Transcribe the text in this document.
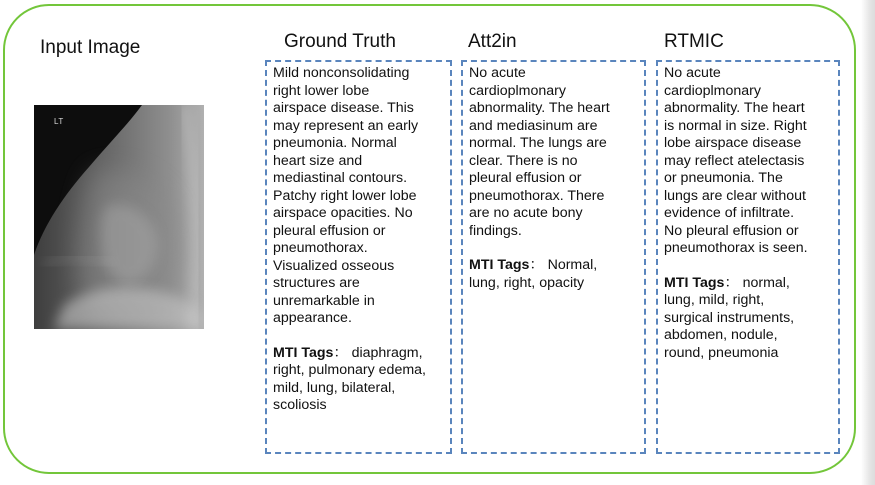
Input Image
LT
Ground Truth
Mild nonconsolidating
right lower lobe
airspace disease. This
may represent an early
pneumonia. Normal
heart size and
mediastinal contours.
Patchy right lower lobe
airspace opacities. No
pleural effusion or
pneumothorax.
Visualized osseous
structures are
unremarkable in
appearance.
MTI Tags： diaphragm,
right, pulmonary edema,
mild, lung, bilateral,
scoliosis
Att2in
No acute
cardioplmonary
abnormality. The heart
and mediasinum are
normal. The lungs are
clear. There is no
pleural effusion or
pneumothorax. There
are no acute bony
findings.
MTI Tags： Normal,
lung, right, opacity
RTMIC
No acute
cardioplmonary
abnormality. The heart
is normal in size. Right
lobe airspace disease
may reflect atelectasis
or pneumonia. The
lungs are clear without
evidence of infiltrate.
No pleural effusion or
pneumothorax is seen.
MTI Tags： normal,
lung, mild, right,
surgical instruments,
abdomen, nodule,
round, pneumonia
